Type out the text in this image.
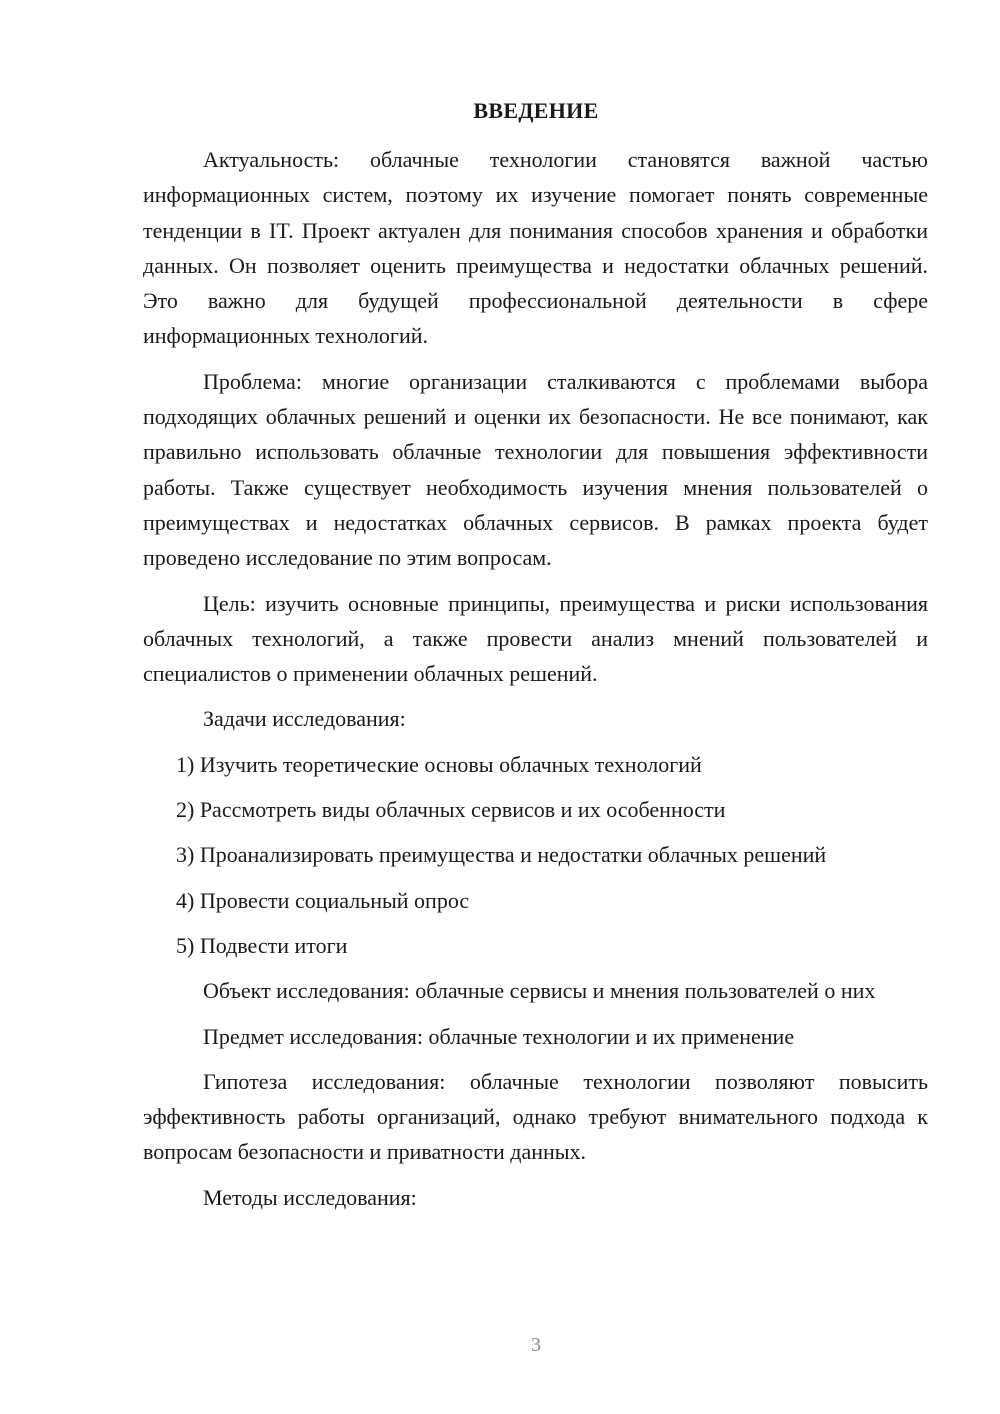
ВВЕДЕНИЕ

Актуальность: облачные технологии становятся важной частью информационных систем, поэтому их изучение помогает понять современные тенденции в IT. Проект актуален для понимания способов хранения и обработки данных. Он позволяет оценить преимущества и недостатки облачных решений. Это важно для будущей профессиональной деятельности в сфере информационных технологий.

Проблема: многие организации сталкиваются с проблемами выбора подходящих облачных решений и оценки их безопасности. Не все понимают, как правильно использовать облачные технологии для повышения эффективности работы. Также существует необходимость изучения мнения пользователей о преимуществах и недостатках облачных сервисов. В рамках проекта будет проведено исследование по этим вопросам.

Цель: изучить основные принципы, преимущества и риски использования облачных технологий, а также провести анализ мнений пользователей и специалистов о применении облачных решений.

Задачи исследования:

1) Изучить теоретические основы облачных технологий
2) Рассмотреть виды облачных сервисов и их особенности
3) Проанализировать преимущества и недостатки облачных решений
4) Провести социальный опрос
5) Подвести итоги

Объект исследования: облачные сервисы и мнения пользователей о них

Предмет исследования: облачные технологии и их применение

Гипотеза исследования: облачные технологии позволяют повысить эффективность работы организаций, однако требуют внимательного подхода к вопросам безопасности и приватности данных.

Методы исследования:

3
